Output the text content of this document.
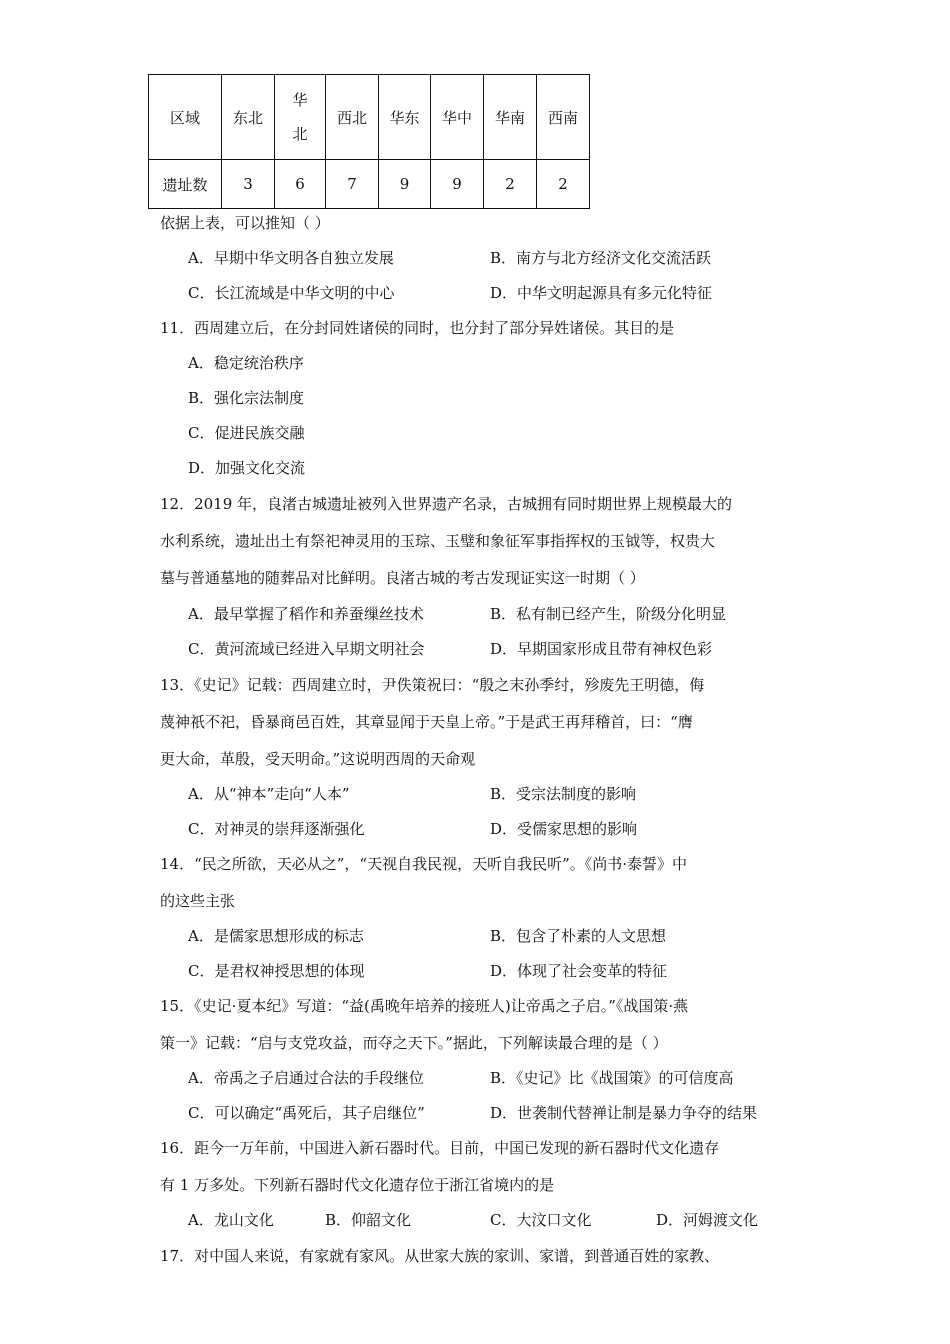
区域	东北	华北	西北	华东	华中	华南	西南
遗址数	3	6	7	9	9	2	2
依据上表，可以推知（ ）
A．早期中华文明各自独立发展	B．南方与北方经济文化交流活跃
C．长江流域是中华文明的中心	D．中华文明起源具有多元化特征
11．西周建立后，在分封同姓诸侯的同时，也分封了部分异姓诸侯。其目的是
A．稳定统治秩序
B．强化宗法制度
C．促进民族交融
D．加强文化交流
12．2019 年，良渚古城遗址被列入世界遗产名录，古城拥有同时期世界上规模最大的
水利系统，遗址出土有祭祀神灵用的玉琮、玉璧和象征军事指挥权的玉钺等，权贵大
墓与普通墓地的随葬品对比鲜明。良渚古城的考古发现证实这一时期（ ）
A．最早掌握了稻作和养蚕缫丝技术	B．私有制已经产生，阶级分化明显
C．黄河流域已经进入早期文明社会	D．早期国家形成且带有神权色彩
13．《史记》记载：西周建立时，尹佚策祝曰：“殷之末孙季纣，殄废先王明德，侮
蔑神祇不祀，昏暴商邑百姓，其章显闻于天皇上帝。”于是武王再拜稽首，曰：“膺
更大命，革殷，受天明命。”这说明西周的天命观
A．从“神本”走向“人本”	B．受宗法制度的影响
C．对神灵的崇拜逐渐强化	D．受儒家思想的影响
14．“民之所欲，天必从之”，“天视自我民视，天听自我民听”。《尚书·泰誓》中
的这些主张
A．是儒家思想形成的标志	B．包含了朴素的人文思想
C．是君权神授思想的体现	D．体现了社会变革的特征
15．《史记·夏本纪》写道：“益(禹晚年培养的接班人)让帝禹之子启。”《战国策·燕
策一》记载：“启与支党攻益，而夺之天下。”据此，下列解读最合理的是（ ）
A．帝禹之子启通过合法的手段继位	B．《史记》比《战国策》的可信度高
C．可以确定“禹死后，其子启继位”	D．世袭制代替禅让制是暴力争夺的结果
16．距今一万年前，中国进入新石器时代。目前，中国已发现的新石器时代文化遗存
有 1 万多处。下列新石器时代文化遗存位于浙江省境内的是
A．龙山文化	B．仰韶文化	C．大汶口文化	D．河姆渡文化
17．对中国人来说，有家就有家风。从世家大族的家训、家谱，到普通百姓的家教、
